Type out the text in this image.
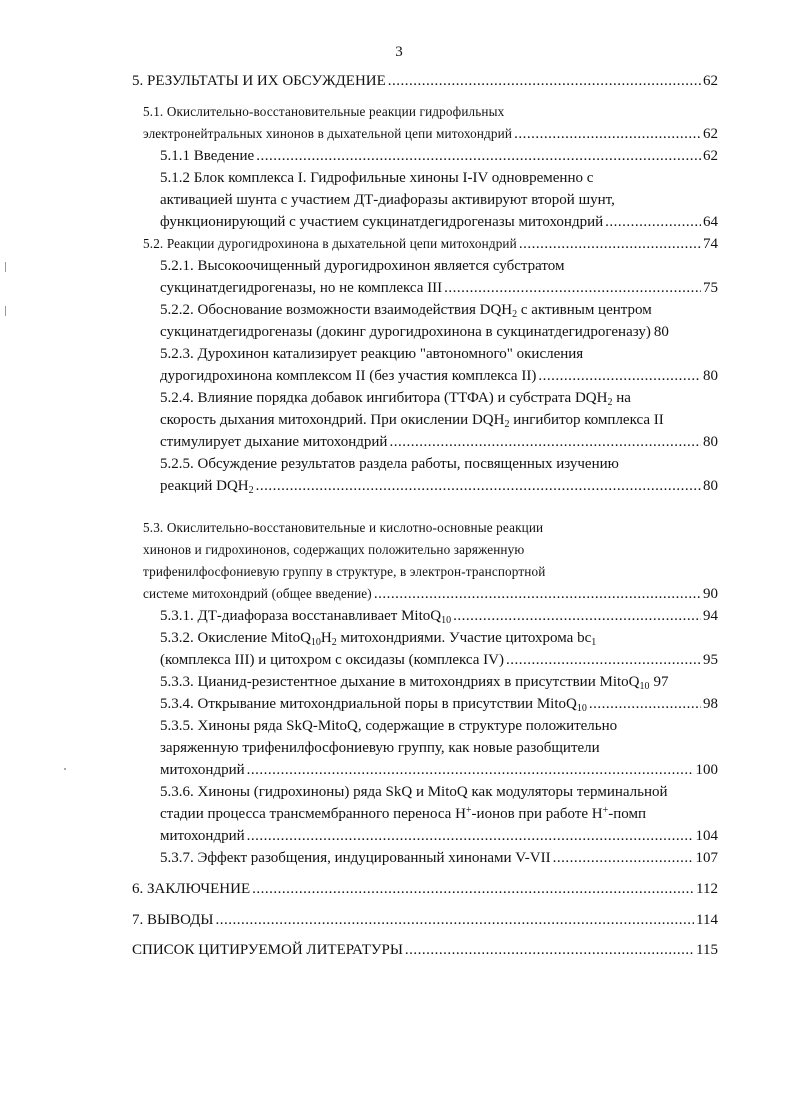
3
5. РЕЗУЛЬТАТЫ И ИХ ОБСУЖДЕНИЕ .....	62
5.1. Окислительно-восстановительные реакции гидрофильных
электронейтральных хинонов в дыхательной цепи митохондрий .....	62
5.1.1 Введение .....	62
5.1.2 Блок комплекса I. Гидрофильные хиноны I-IV одновременно с
активацией шунта с участием ДТ-диафоразы активируют второй шунт,
функционирующий с участием сукцинатдегидрогеназы митохондрий .....	64
5.2. Реакции дурогидрохинона в дыхательной цепи митохондрий .....	74
5.2.1. Высокоочищенный дурогидрохинон является субстратом
сукцинатдегидрогеназы, но не комплекса III .....	75
5.2.2. Обоснование возможности взаимодействия $DQH_2$ с активным центром
сукцинатдегидрогеназы (докинг дурогидрохинона в сукцинатдегидрогеназу) 80
5.2.3. Дурохинон катализирует реакцию "автономного" окисления
дурогидрохинона комплексом II (без участия комплекса II) .....	80
5.2.4. Влияние порядка добавок ингибитора (ТТФА) и субстрата $DQH_2$ на
скорость дыхания митохондрий. При окислении $DQH_2$ ингибитор комплекса II
стимулирует дыхание митохондрий .....	80
5.2.5. Обсуждение результатов раздела работы, посвященных изучению
реакций $DQH_2$ .....	80
5.3. Окислительно-восстановительные и кислотно-основные реакции
хинонов и гидрохинонов, содержащих положительно заряженную
трифенилфосфониевую группу в структуре, в электрон-транспортной
системе митохондрий (общее введение) .....	90
5.3.1. ДТ-диафораза восстанавливает MitoQ$_{10}$ .....	94
5.3.2. Окисление $MitoQ_{10}H_2$ митохондриями. Участие цитохрома $bc_1$
(комплекса III) и цитохром с оксидазы (комплекса IV) .....	95
5.3.3. Цианид-резистентное дыхание в митохондриях в присутствии MitoQ$_{10}$ 97
5.3.4. Открывание митохондриальной поры в присутствии MitoQ$_{10}$ .....	98
5.3.5. Хиноны ряда SkQ-MitoQ, содержащие в структуре положительно
заряженную трифенилфосфониевую группу, как новые разобщители
митохондрий .....	100
5.3.6. Хиноны (гидрохиноны) ряда SkQ и MitoQ как модуляторы терминальной
стадии процесса трансмембранного переноса H+-ионов при работе H+-помп
митохондрий .....	104
5.3.7. Эффект разобщения, индуцированный хинонами V-VII .....	107
6. ЗАКЛЮЧЕНИЕ .....	112
7. ВЫВОДЫ .....	114
СПИСОК ЦИТИРУЕМОЙ ЛИТЕРАТУРЫ .....	115
